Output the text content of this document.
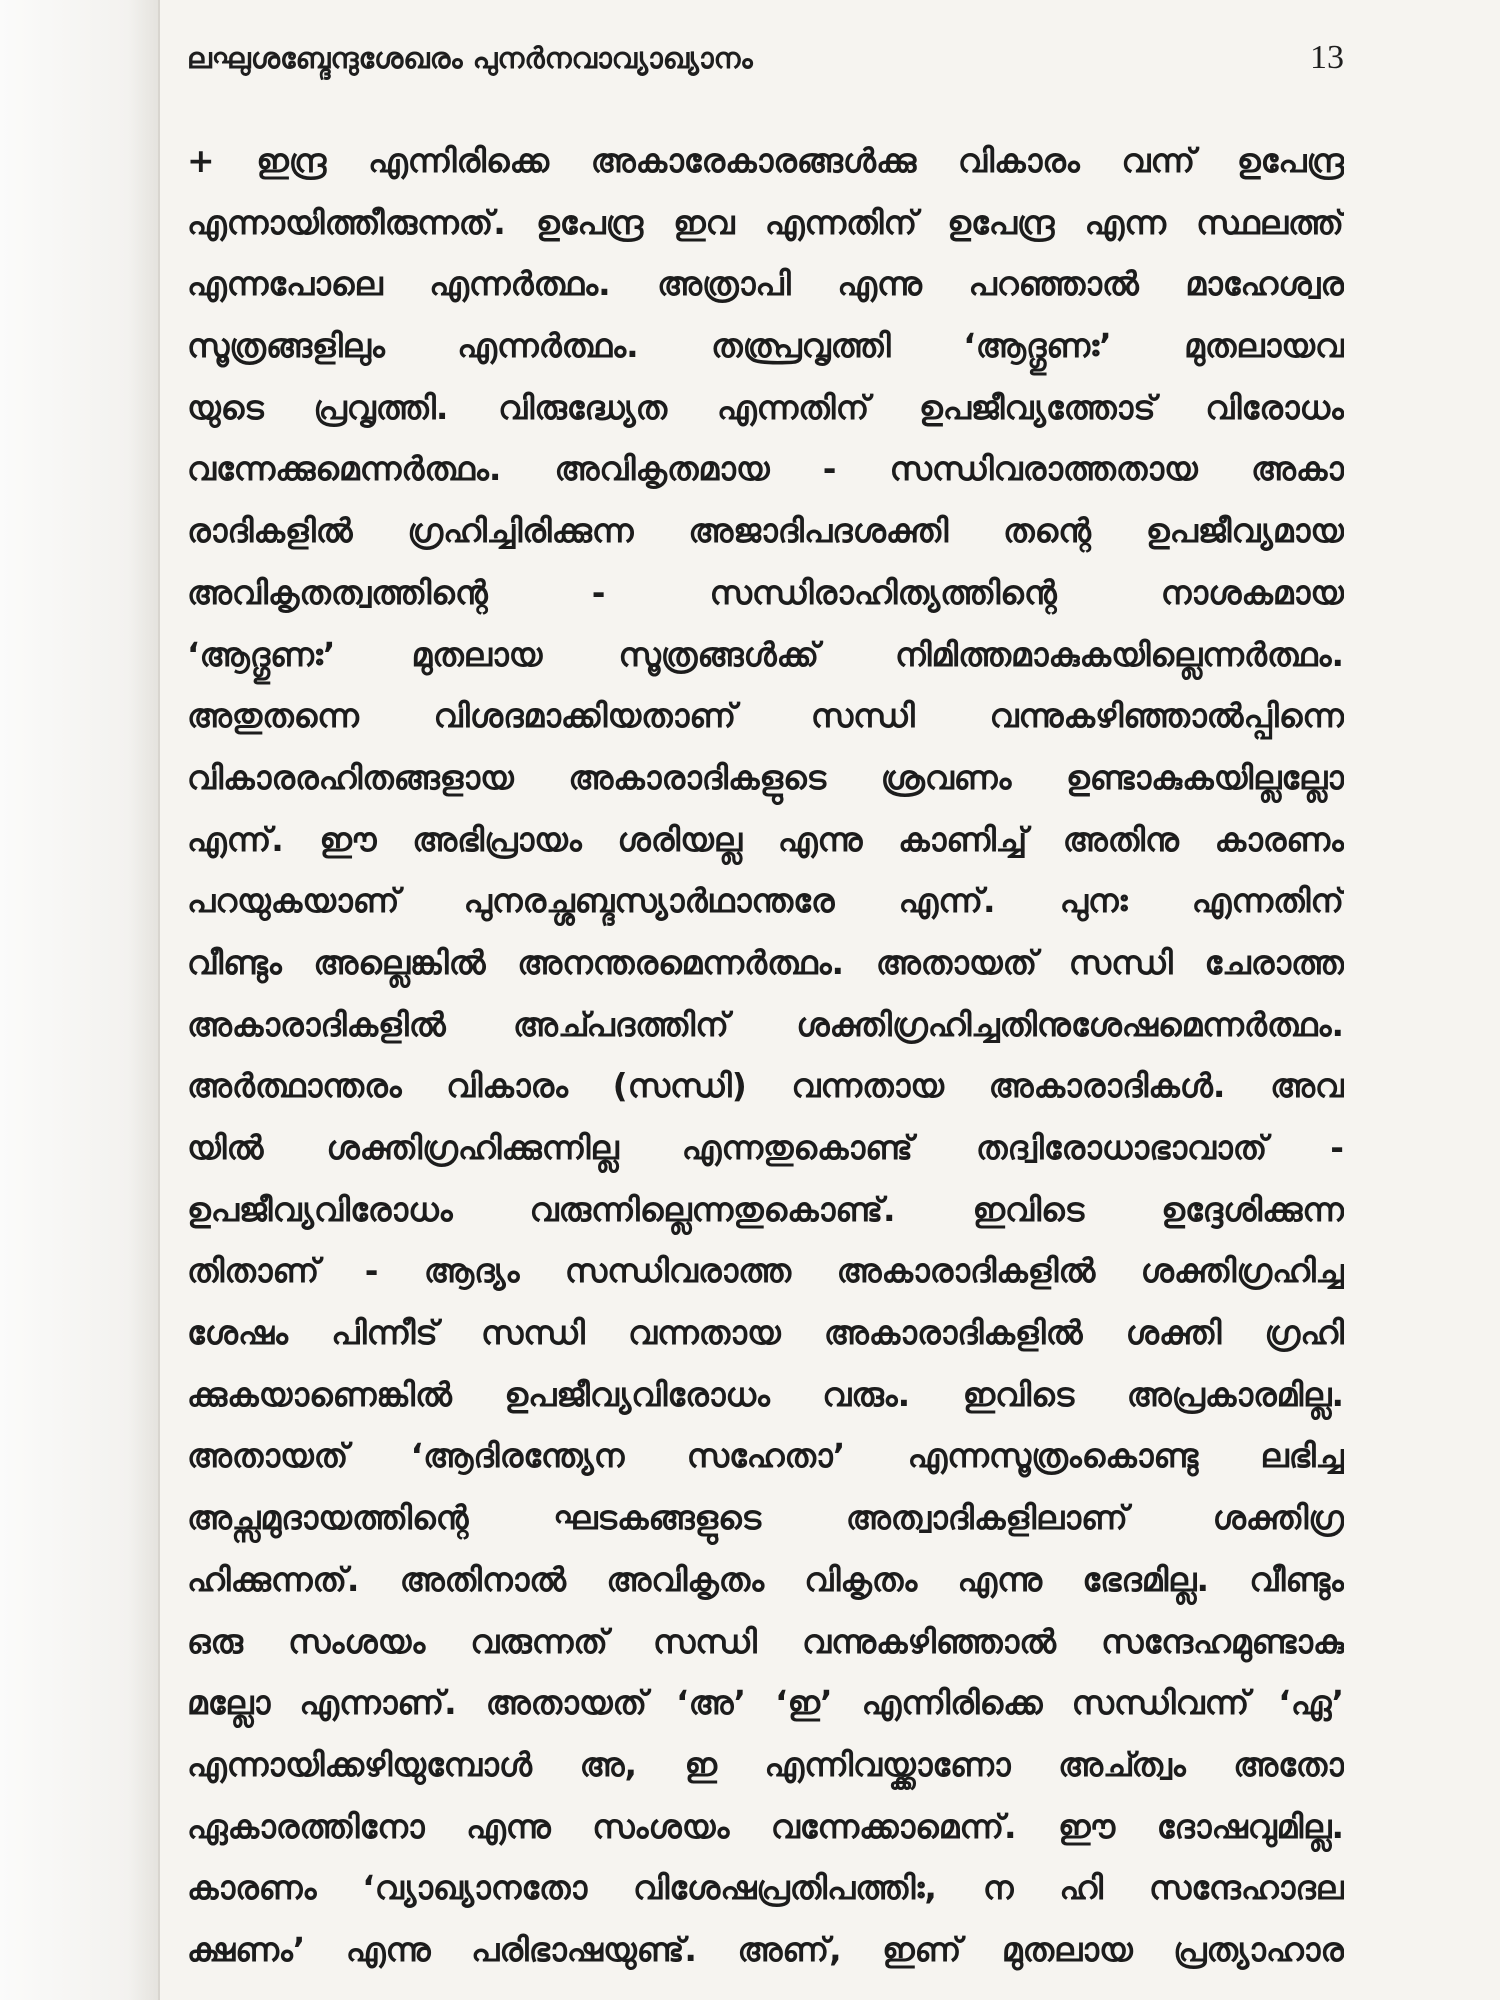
ലഘുശബ്ദേന്ദുശേഖരം പുനർനവാവ്യാഖ്യാനം	13
+ ഇന്ദ്ര എന്നിരിക്കെ അകാരേകാരങ്ങൾക്കു വികാരം വന്ന് ഉപേന്ദ്ര
എന്നായിത്തീരുന്നത്. ഉപേന്ദ്ര ഇവ എന്നതിന് ഉപേന്ദ്ര എന്ന സ്ഥലത്ത്
എന്നപോലെ എന്നർത്ഥം. അത്രാപി എന്നു പറഞ്ഞാൽ മാഹേശ്വര
സൂത്രങ്ങളിലും എന്നർത്ഥം. തത്പ്രവൃത്തി ‘ആദ്ഗുണഃ’ മുതലായവ
യുടെ പ്രവൃത്തി. വിരുദ്ധ്യേത എന്നതിന് ഉപജീവ്യത്തോട് വിരോധം
വന്നേക്കുമെന്നർത്ഥം. അവികൃതമായ - സന്ധിവരാത്തതായ അകാ
രാദികളിൽ ഗ്രഹിച്ചിരിക്കുന്ന അജാദിപദശക്തി തന്റെ ഉപജീവ്യമായ
അവികൃതത്വത്തിന്റെ - സന്ധിരാഹിത്യത്തിന്റെ നാശകമായ
‘ആദ്ഗുണഃ’ മുതലായ സൂത്രങ്ങൾക്ക് നിമിത്തമാകുകയില്ലെന്നർത്ഥം.
അതുതന്നെ വിശദമാക്കിയതാണ് സന്ധി വന്നുകഴിഞ്ഞാൽപ്പിന്നെ
വികാരരഹിതങ്ങളായ അകാരാദികളുടെ ശ്രവണം ഉണ്ടാകുകയില്ലല്ലോ
എന്ന്. ഈ അഭിപ്രായം ശരിയല്ല എന്നു കാണിച്ച് അതിനു കാരണം
പറയുകയാണ് പുനരച്ശബ്ദസ്യാർഥാന്തരേ എന്ന്. പുനഃ എന്നതിന്
വീണ്ടും അല്ലെങ്കിൽ അനന്തരമെന്നർത്ഥം. അതായത് സന്ധി ചേരാത്ത
അകാരാദികളിൽ അച്പദത്തിന് ശക്തിഗ്രഹിച്ചതിനുശേഷമെന്നർത്ഥം.
അർത്ഥാന്തരം വികാരം (സന്ധി) വന്നതായ അകാരാദികൾ. അവ
യിൽ ശക്തിഗ്രഹിക്കുന്നില്ല എന്നതുകൊണ്ട് തദ്വിരോധാഭാവാത് -
ഉപജീവ്യവിരോധം വരുന്നില്ലെന്നതുകൊണ്ട്. ഇവിടെ ഉദ്ദേശിക്കുന്ന
തിതാണ് - ആദ്യം സന്ധിവരാത്ത അകാരാദികളിൽ ശക്തിഗ്രഹിച്ച
ശേഷം പിന്നീട് സന്ധി വന്നതായ അകാരാദികളിൽ ശക്തി ഗ്രഹി
ക്കുകയാണെങ്കിൽ ഉപജീവ്യവിരോധം വരും. ഇവിടെ അപ്രകാരമില്ല.
അതായത് ‘ആദിരന്ത്യേന സഹേതാ’ എന്നസൂത്രംകൊണ്ടു ലഭിച്ച
അച്സമുദായത്തിന്റെ ഘടകങ്ങളുടെ അത്വാദികളിലാണ് ശക്തിഗ്ര
ഹിക്കുന്നത്. അതിനാൽ അവികൃതം വികൃതം എന്നു ഭേദമില്ല. വീണ്ടും
ഒരു സംശയം വരുന്നത് സന്ധി വന്നുകഴിഞ്ഞാൽ സന്ദേഹമുണ്ടാകു
മല്ലോ എന്നാണ്. അതായത് ‘അ’ ‘ഇ’ എന്നിരിക്കെ സന്ധിവന്ന് ‘ഏ’
എന്നായിക്കഴിയുമ്പോൾ അ, ഇ എന്നിവയ്ക്കാണോ അച്ത്വം അതോ
ഏകാരത്തിനോ എന്നു സംശയം വന്നേക്കാമെന്ന്. ഈ ദോഷവുമില്ല.
കാരണം ‘വ്യാഖ്യാനതോ വിശേഷപ്രതിപത്തിഃ, ന ഹി സന്ദേഹാദല
ക്ഷണം’ എന്നു പരിഭാഷയുണ്ട്. അണ്, ഇണ് മുതലായ പ്രത്യാഹാര
